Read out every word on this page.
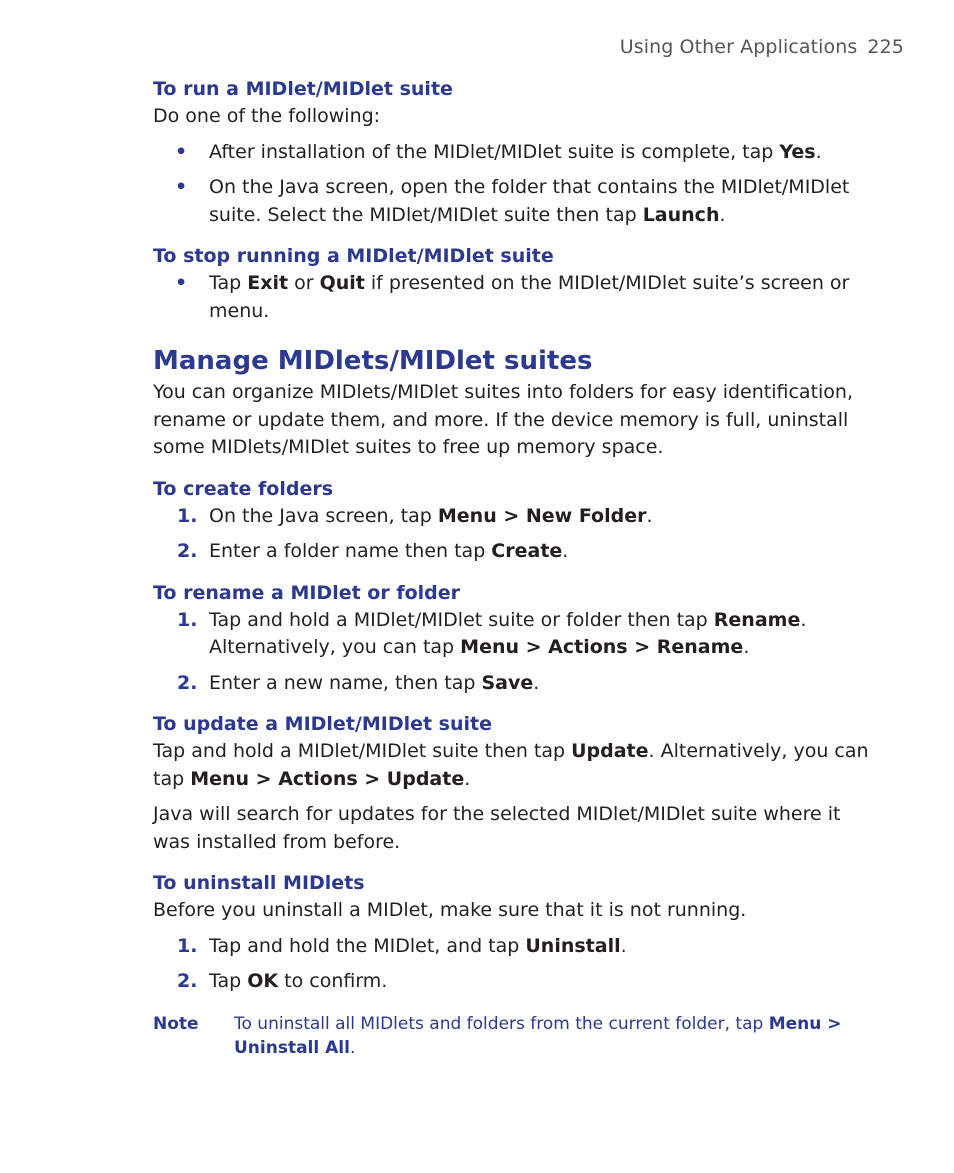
Using Other Applications 225
To run a MIDlet/MIDlet suite

Do one of the following:

• After installation of the MIDlet/MIDlet suite is complete, tap Yes.
• On the Java screen, open the folder that contains the MIDlet/MIDlet suite. Select the MIDlet/MIDlet suite then tap Launch.
To stop running a MIDlet/MIDlet suite
• Tap Exit or Quit if presented on the MIDlet/MIDlet suite’s screen or menu.
Manage MIDlets/MIDlet suites

You can organize MIDlets/MIDlet suites into folders for easy identification, rename or update them, and more. If the device memory is full, uninstall some MIDlets/MIDlet suites to free up memory space.

To create folders
1. On the Java screen, tap Menu > New Folder.
2. Enter a folder name then tap Create.
To rename a MIDlet or folder
1. Tap and hold a MIDlet/MIDlet suite or folder then tap Rename. Alternatively, you can tap Menu > Actions > Rename.
2. Enter a new name, then tap Save.
To update a MIDlet/MIDlet suite

Tap and hold a MIDlet/MIDlet suite then tap Update. Alternatively, you can tap Menu > Actions > Update.

Java will search for updates for the selected MIDlet/MIDlet suite where it was installed from before.

To uninstall MIDlets

Before you uninstall a MIDlet, make sure that it is not running.

1. Tap and hold the MIDlet, and tap Uninstall.
2. Tap OK to confirm.
Note To uninstall all MIDlets and folders from the current folder, tap Menu > Uninstall All.
